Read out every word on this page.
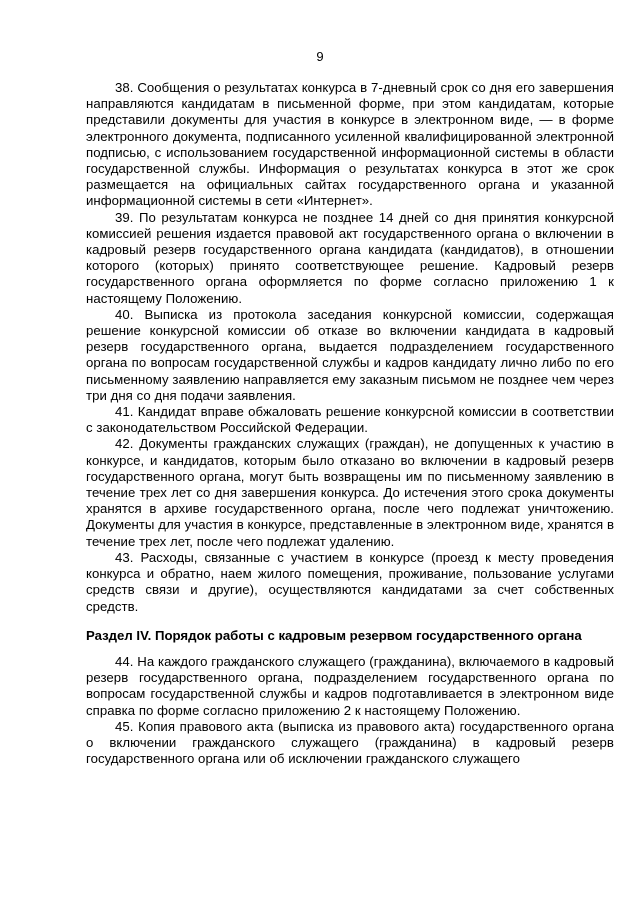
9

38. Сообщения о результатах конкурса в 7-дневный срок со дня его завершения направляются кандидатам в письменной форме, при этом кандидатам, которые представили документы для участия в конкурсе в электронном виде, — в форме электронного документа, подписанного усиленной квалифицированной электронной подписью, с использованием государственной информационной системы в области государственной службы. Информация о результатах конкурса в этот же срок размещается на официальных сайтах государственного органа и указанной информационной системы в сети «Интернет».

39. По результатам конкурса не позднее 14 дней со дня принятия конкурсной комиссией решения издается правовой акт государственного органа о включении в кадровый резерв государственного органа кандидата (кандидатов), в отношении которого (которых) принято соответствующее решение. Кадровый резерв государственного органа оформляется по форме согласно приложению 1 к настоящему Положению.

40. Выписка из протокола заседания конкурсной комиссии, содержащая решение конкурсной комиссии об отказе во включении кандидата в кадровый резерв государственного органа, выдается подразделением государственного органа по вопросам государственной службы и кадров кандидату лично либо по его письменному заявлению направляется ему заказным письмом не позднее чем через три дня со дня подачи заявления.

41. Кандидат вправе обжаловать решение конкурсной комиссии в соответствии с законодательством Российской Федерации.

42. Документы гражданских служащих (граждан), не допущенных к участию в конкурсе, и кандидатов, которым было отказано во включении в кадровый резерв государственного органа, могут быть возвращены им по письменному заявлению в течение трех лет со дня завершения конкурса. До истечения этого срока документы хранятся в архиве государственного органа, после чего подлежат уничтожению. Документы для участия в конкурсе, представленные в электронном виде, хранятся в течение трех лет, после чего подлежат удалению.

43. Расходы, связанные с участием в конкурсе (проезд к месту проведения конкурса и обратно, наем жилого помещения, проживание, пользование услугами средств связи и другие), осуществляются кандидатами за счет собственных средств.

Раздел IV. Порядок работы с кадровым резервом государственного органа

44. На каждого гражданского служащего (гражданина), включаемого в кадровый резерв государственного органа, подразделением государственного органа по вопросам государственной службы и кадров подготавливается в электронном виде справка по форме согласно приложению 2 к настоящему Положению.

45. Копия правового акта (выписка из правового акта) государственного органа о включении гражданского служащего (гражданина) в кадровый резерв государственного органа или об исключении гражданского служащего
